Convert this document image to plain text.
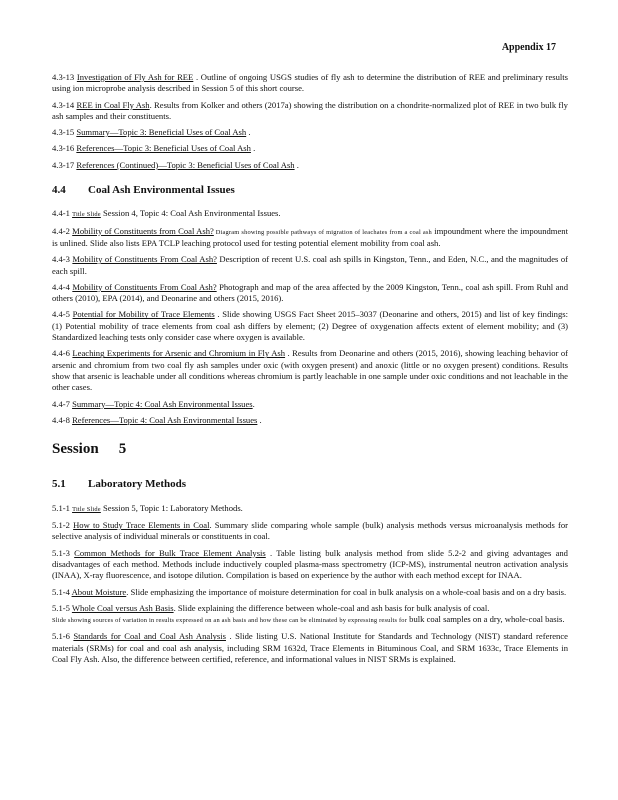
Appendix 17
4.3-13 Investigation of Fly Ash for REE . Outline of ongoing USGS studies of fly ash to determine the distribution of REE and preliminary results using ion microprobe analysis described in Session 5 of this short course.
4.3-14 REE in Coal Fly Ash. Results from Kolker and others (2017a) showing the distribution on a chondrite-normalized plot of REE in two bulk fly ash samples and their constituents.
4.3-15 Summary—Topic 3: Beneficial Uses of Coal Ash .
4.3-16 References—Topic 3: Beneficial Uses of Coal Ash .
4.3-17 References (Continued)—Topic 3: Beneficial Uses of Coal Ash .
4.4 Coal Ash Environmental Issues
4.4-1 Title Slide Session 4, Topic 4: Coal Ash Environmental Issues.
4.4-2 Mobility of Constituents from Coal Ash? Diagram showing possible pathways of migration of leachates from a coal ash impoundment where the impoundment is unlined. Slide also lists EPA TCLP leaching protocol used for testing potential element mobility from coal ash.
4.4-3 Mobility of Constituents From Coal Ash? Description of recent U.S. coal ash spills in Kingston, Tenn., and Eden, N.C., and the magnitudes of each spill.
4.4-4 Mobility of Constituents From Coal Ash? Photograph and map of the area affected by the 2009 Kingston, Tenn., coal ash spill. From Ruhl and others (2010), EPA (2014), and Deonarine and others (2015, 2016).
4.4-5 Potential for Mobility of Trace Elements . Slide showing USGS Fact Sheet 2015–3037 (Deonarine and others, 2015) and list of key findings: (1) Potential mobility of trace elements from coal ash differs by element; (2) Degree of oxygenation affects extent of element mobility; and (3) Standardized leaching tests only consider case where oxygen is available.
4.4-6 Leaching Experiments for Arsenic and Chromium in Fly Ash . Results from Deonarine and others (2015, 2016), showing leaching behavior of arsenic and chromium from two coal fly ash samples under oxic (with oxygen present) and anoxic (little or no oxygen present) conditions. Results show that arsenic is leachable under all conditions whereas chromium is partly leachable in one sample under oxic conditions and not leachable in the other cases.
4.4-7 Summary—Topic 4: Coal Ash Environmental Issues.
4.4-8 References—Topic 4: Coal Ash Environmental Issues .
Session 5
5.1 Laboratory Methods
5.1-1 Title Slide Session 5, Topic 1: Laboratory Methods.
5.1-2 How to Study Trace Elements in Coal. Summary slide comparing whole sample (bulk) analysis methods versus microanalysis methods for selective analysis of individual minerals or constituents in coal.
5.1-3 Common Methods for Bulk Trace Element Analysis . Table listing bulk analysis method from slide 5.2-2 and giving advantages and disadvantages of each method. Methods include inductively coupled plasma-mass spectrometry (ICP-MS), instrumental neutron activation analysis (INAA), X-ray fluorescence, and isotope dilution. Compilation is based on experience by the author with each method except for INAA.
5.1-4 About Moisture. Slide emphasizing the importance of moisture determination for coal in bulk analysis on a whole-coal basis and on a dry basis.
5.1-5 Whole Coal versus Ash Basis. Slide explaining the difference between whole-coal and ash basis for bulk analysis of coal.
Slide showing sources of variation in results expressed on an ash basis and how these can be eliminated by expressing results for bulk coal samples on a dry, whole-coal basis.
5.1-6 Standards for Coal and Coal Ash Analysis . Slide listing U.S. National Institute for Standards and Technology (NIST) standard reference materials (SRMs) for coal and coal ash analysis, including SRM 1632d, Trace Elements in Bituminous Coal, and SRM 1633c, Trace Elements in Coal Fly Ash. Also, the difference between certified, reference, and informational values in NIST SRMs is explained.
